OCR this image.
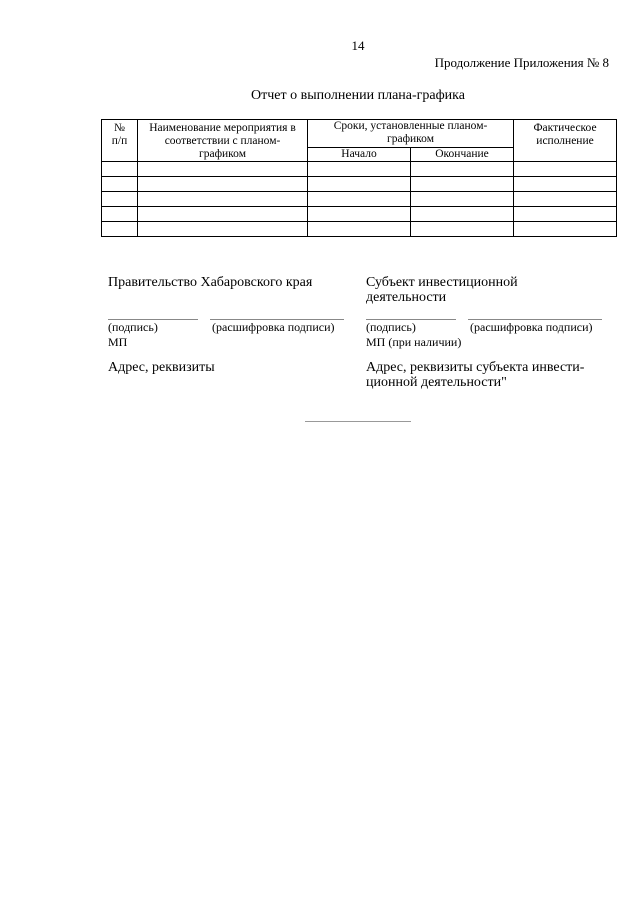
14
Продолжение Приложения № 8
Отчет о выполнении плана-графика
№ п/п	Наименование мероприятия в соответствии с планом-графиком	Сроки, установленные планом-графиком		Фактическое исполнение

		Начало	Окончание	

Правительство Хабаровского края
(подпись)	(расшифровка подписи)
МП
Адрес, реквизиты
Субъект инвестиционной
деятельности
(подпись)	(расшифровка подписи)
МП (при наличии)
Адрес, реквизиты субъекта инвести-
ционной деятельности"
